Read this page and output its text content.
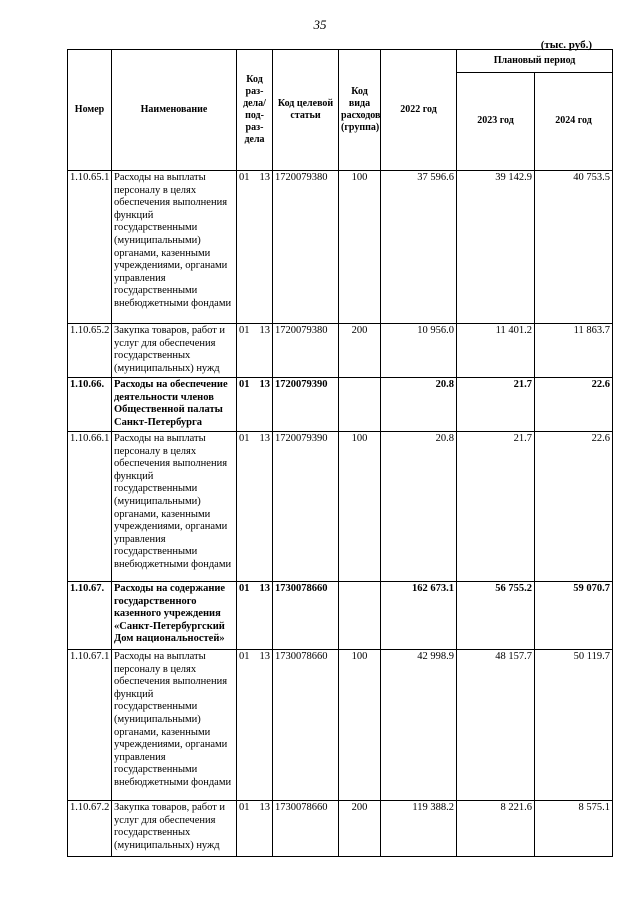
35
(тыс. руб.)
Номер	Наименование	Код раз-дела/ под-раз-дела		Код целевой статьи	Код вида расходов (группа)	2022 год	Плановый период	
							2023 год	2024 год
1.10.65.1	Расходы на выплаты персоналу в целях обеспечения выполнения функций государственными (муниципальными) органами, казенными учреждениями, органами управления государственными внебюджетными фондами	01	13	1720079380	100	37 596.6	39 142.9	40 753.5
1.10.65.2	Закупка товаров, работ и услуг для обеспечения государственных (муниципальных) нужд	01	13	1720079380	200	10 956.0	11 401.2	11 863.7
1.10.66.	Расходы на обеспечение деятельности членов Общественной палаты Санкт-Петербурга	01	13	1720079390		20.8	21.7	22.6
1.10.66.1	Расходы на выплаты персоналу в целях обеспечения выполнения функций государственными (муниципальными) органами, казенными учреждениями, органами управления государственными внебюджетными фондами	01	13	1720079390	100	20.8	21.7	22.6
1.10.67.	Расходы на содержание государственного казенного учреждения «Санкт-Петербургский Дом национальностей»	01	13	1730078660		162 673.1	56 755.2	59 070.7
1.10.67.1	Расходы на выплаты персоналу в целях обеспечения выполнения функций государственными (муниципальными) органами, казенными учреждениями, органами управления государственными внебюджетными фондами	01	13	1730078660	100	42 998.9	48 157.7	50 119.7
1.10.67.2	Закупка товаров, работ и услуг для обеспечения государственных (муниципальных) нужд	01	13	1730078660	200	119 388.2	8 221.6	8 575.1
